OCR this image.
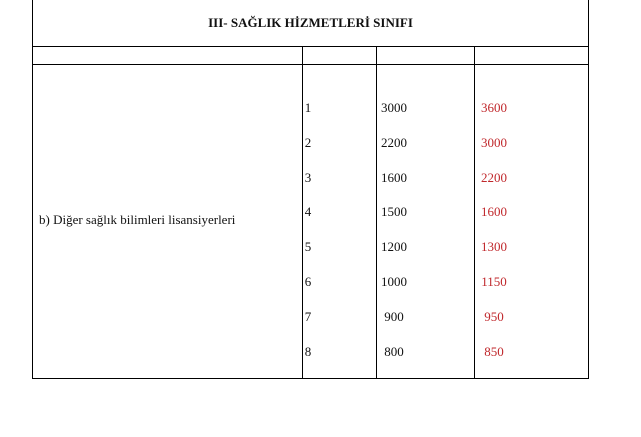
III- SAĞLIK HİZMETLERİ SINIFI
b) Diğer sağlık bilimleri lisansiyerleri
1	3000	3600
2	2200	3000
3	1600	2200
4	1500	1600
5	1200	1300
6	1000	1150
7	900	950
8	800	850
